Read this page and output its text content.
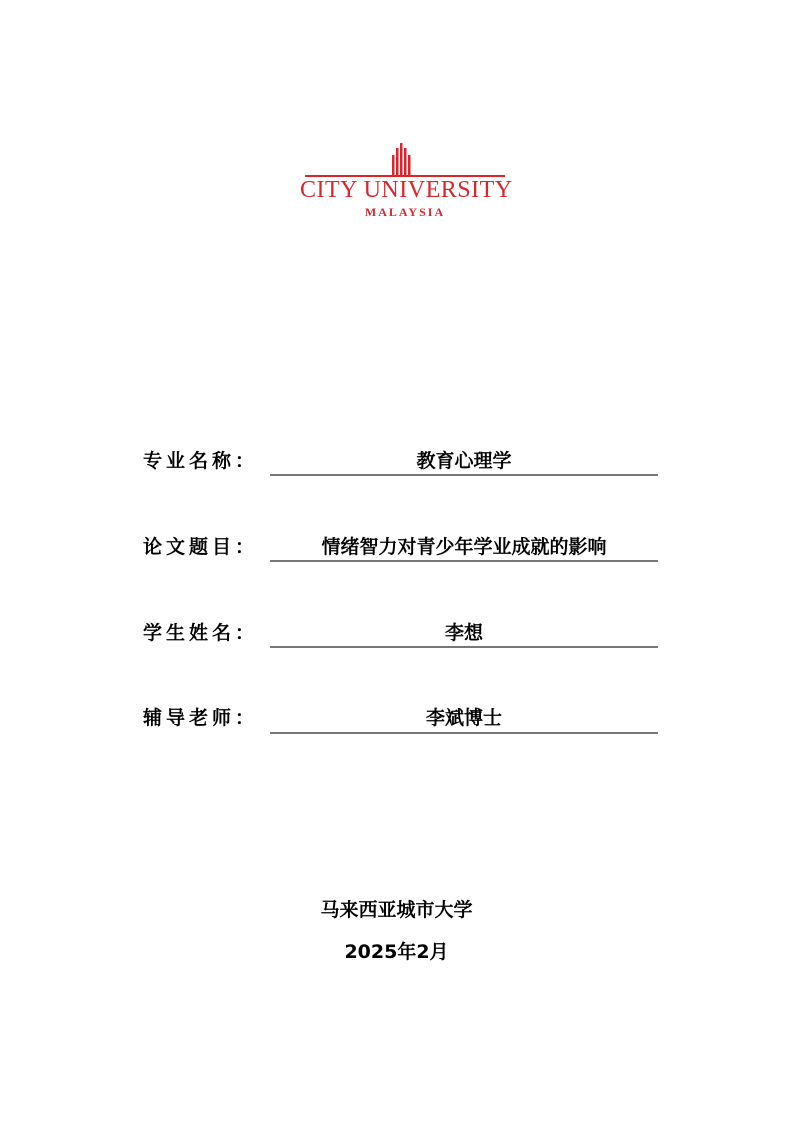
CITY UNIVERSITY
MALAYSIA
专业名称：	教育心理学
论文题目：	情绪智力对青少年学业成就的影响
学生姓名：	李想
辅导老师：	李斌博士
马来西亚城市大学
2025年2月
